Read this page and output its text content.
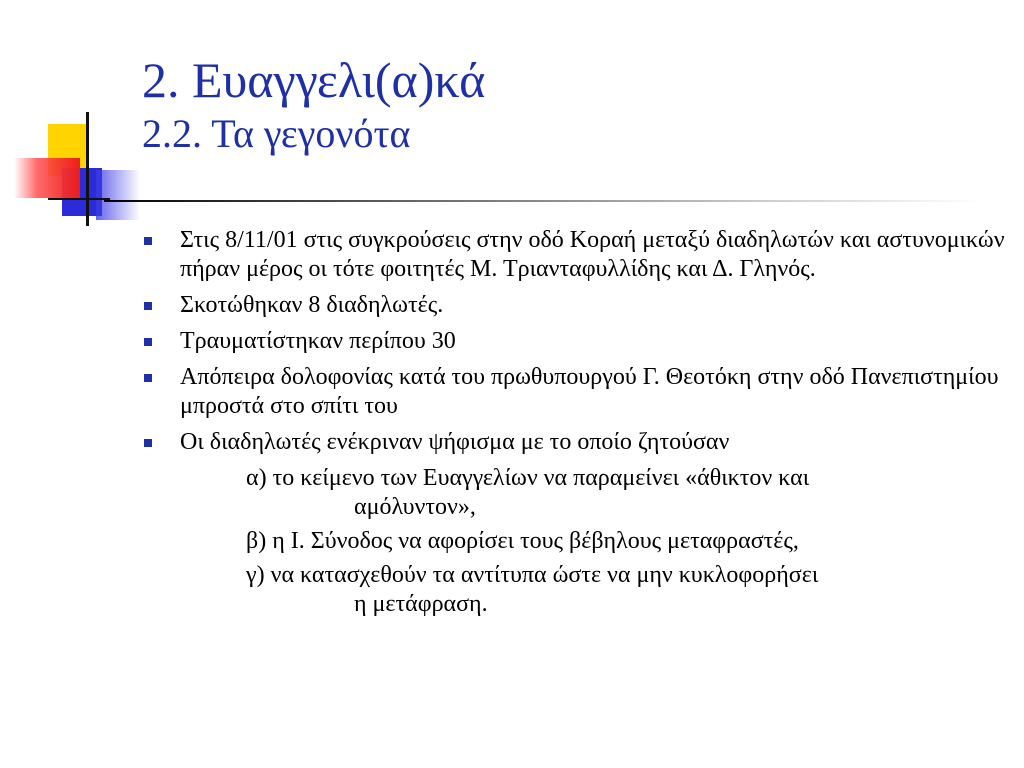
2. Ευαγγελι(α)κά
2.2. Τα γεγονότα
Στις 8/11/01 στις συγκρούσεις στην οδό Κοραή μεταξύ διαδηλωτών και αστυνομικών πήραν μέρος οι τότε φοιτητές Μ. Τριανταφυλλίδης και Δ. Γληνός.
Σκοτώθηκαν 8 διαδηλωτές.
Τραυματίστηκαν περίπου 30
Απόπειρα δολοφονίας κατά του πρωθυπουργού Γ. Θεοτόκη στην οδό Πανεπιστημίου μπροστά στο σπίτι του
Οι διαδηλωτές ενέκριναν ψήφισμα με το οποίο ζητούσαν
α) το κείμενο των Ευαγγελίων να παραμείνει «άθικτον και
αμόλυντον»,
β) η Ι. Σύνοδος να αφορίσει τους βέβηλους μεταφραστές,
γ) να κατασχεθούν τα αντίτυπα ώστε να μην κυκλοφορήσει
η μετάφραση.
